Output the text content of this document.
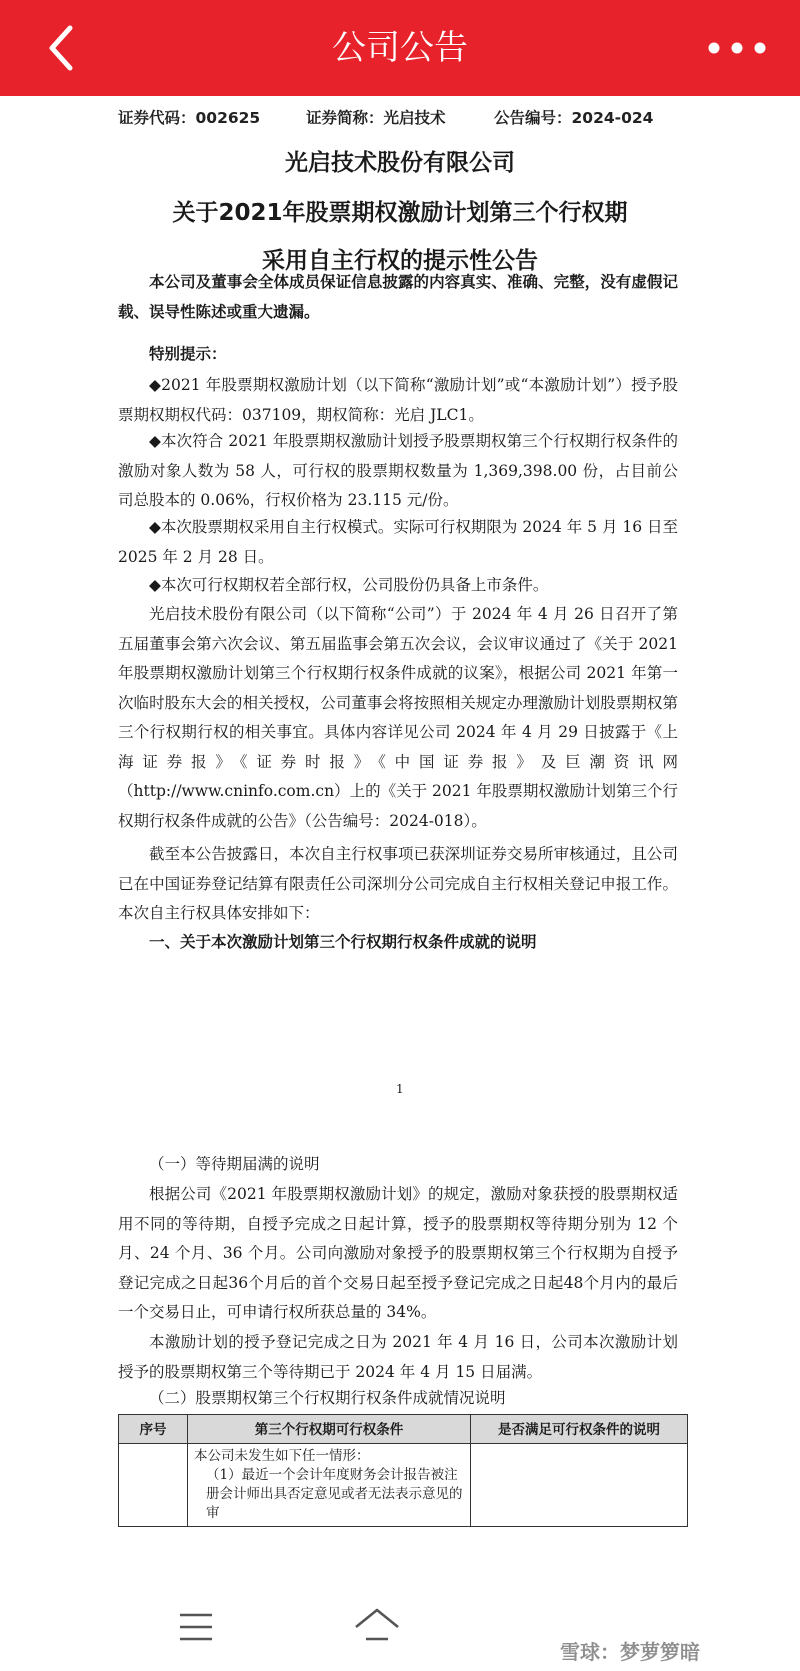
公司公告
证券代码：002625	证券简称：光启技术	公告编号：2024-024
光启技术股份有限公司
关于2021年股票期权激励计划第三个行权期
采用自主行权的提示性公告
本公司及董事会全体成员保证信息披露的内容真实、准确、完整，没有虚假记载、误导性陈述或重大遗漏。
特别提示：
◆2021 年股票期权激励计划（以下简称“激励计划”或“本激励计划”）授予股票期权期权代码：037109，期权简称：光启 JLC1。
◆本次符合 2021 年股票期权激励计划授予股票期权第三个行权期行权条件的激励对象人数为 58 人，可行权的股票期权数量为 1,369,398.00 份，占目前公司总股本的 0.06%，行权价格为 23.115 元/份。
◆本次股票期权采用自主行权模式。实际可行权期限为 2024 年 5 月 16 日至 2025 年 2 月 28 日。
◆本次可行权期权若全部行权，公司股份仍具备上市条件。
光启技术股份有限公司（以下简称“公司”）于 2024 年 4 月 26 日召开了第五届董事会第六次会议、第五届监事会第五次会议，会议审议通过了《关于 2021 年股票期权激励计划第三个行权期行权条件成就的议案》，根据公司 2021 年第一次临时股东大会的相关授权，公司董事会将按照相关规定办理激励计划股票期权第三个行权期行权的相关事宜。具体内容详见公司 2024 年 4 月 29 日披露于《上海证券报》《证券时报》《中国证券报》及巨潮资讯网（http://www.cninfo.com.cn）上的《关于 2021 年股票期权激励计划第三个行权期行权条件成就的公告》（公告编号：2024-018）。
截至本公告披露日，本次自主行权事项已获深圳证券交易所审核通过，且公司已在中国证券登记结算有限责任公司深圳分公司完成自主行权相关登记申报工作。本次自主行权具体安排如下：
一、关于本次激励计划第三个行权期行权条件成就的说明
1
（一）等待期届满的说明
根据公司《2021 年股票期权激励计划》的规定，激励对象获授的股票期权适用不同的等待期，自授予完成之日起计算，授予的股票期权等待期分别为 12 个月、24 个月、36 个月。公司向激励对象授予的股票期权第三个行权期为自授予登记完成之日起36个月后的首个交易日起至授予登记完成之日起48个月内的最后一个交易日止，可申请行权所获总量的 34%。
本激励计划的授予登记完成之日为 2021 年 4 月 16 日，公司本次激励计划授予的股票期权第三个等待期已于 2024 年 4 月 15 日届满。
（二）股票期权第三个行权期行权条件成就情况说明
序号	第三个行权期可行权条件	是否满足可行权条件的说明

	本公司未发生如下任一情形：
（1）最近一个会计年度财务会计报告被注册会计师出具否定意见或者无法表示意见的审	

雪球：梦萝箩暗
